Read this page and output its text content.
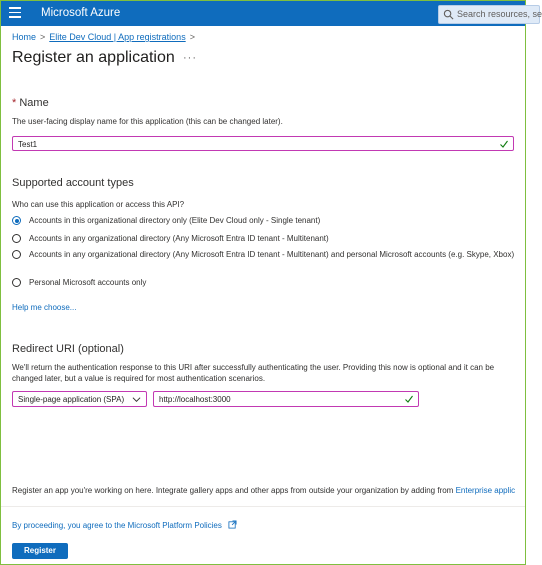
Microsoft Azure	Search resources, se
Home > Elite Dev Cloud | App registrations >
Register an application ···
* Name
The user-facing display name for this application (this can be changed later).
Test1
Supported account types
Who can use this application or access this API?
Accounts in this organizational directory only (Elite Dev Cloud only - Single tenant)
Accounts in any organizational directory (Any Microsoft Entra ID tenant - Multitenant)
Accounts in any organizational directory (Any Microsoft Entra ID tenant - Multitenant) and personal Microsoft accounts (e.g. Skype, Xbox)
Personal Microsoft accounts only
Help me choose...
Redirect URI (optional)
We'll return the authentication response to this URI after successfully authenticating the user. Providing this now is optional and it can be changed later, but a value is required for most authentication scenarios.
Single-page application (SPA)	http://localhost:3000
Register an app you're working on here. Integrate gallery apps and other apps from outside your organization by adding from Enterprise applic
By proceeding, you agree to the Microsoft Platform Policies
Register
